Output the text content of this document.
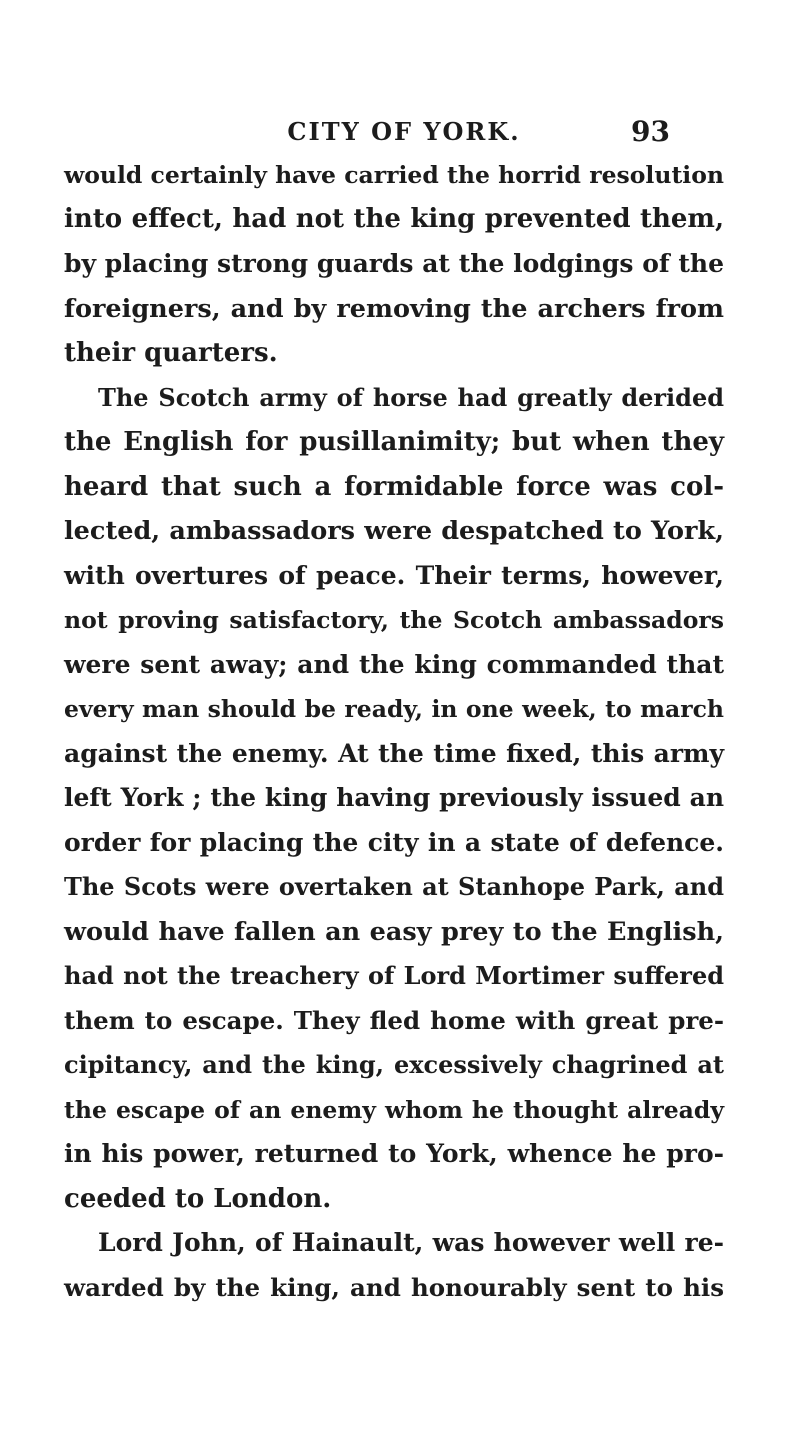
CITY OF YORK.	93
would certainly have carried the horrid resolution
into effect, had not the king prevented them,
by placing strong guards at the lodgings of the
foreigners, and by removing the archers from
their quarters.
The Scotch army of horse had greatly derided
the English for pusillanimity; but when they
heard that such a formidable force was col-
lected, ambassadors were despatched to York,
with overtures of peace. Their terms, however,
not proving satisfactory, the Scotch ambassadors
were sent away; and the king commanded that
every man should be ready, in one week, to march
against the enemy. At the time fixed, this army
left York ; the king having previously issued an
order for placing the city in a state of defence.
The Scots were overtaken at Stanhope Park, and
would have fallen an easy prey to the English,
had not the treachery of Lord Mortimer suffered
them to escape. They fled home with great pre-
cipitancy, and the king, excessively chagrined at
the escape of an enemy whom he thought already
in his power, returned to York, whence he pro-
ceeded to London.
Lord John, of Hainault, was however well re-
warded by the king, and honourably sent to his
